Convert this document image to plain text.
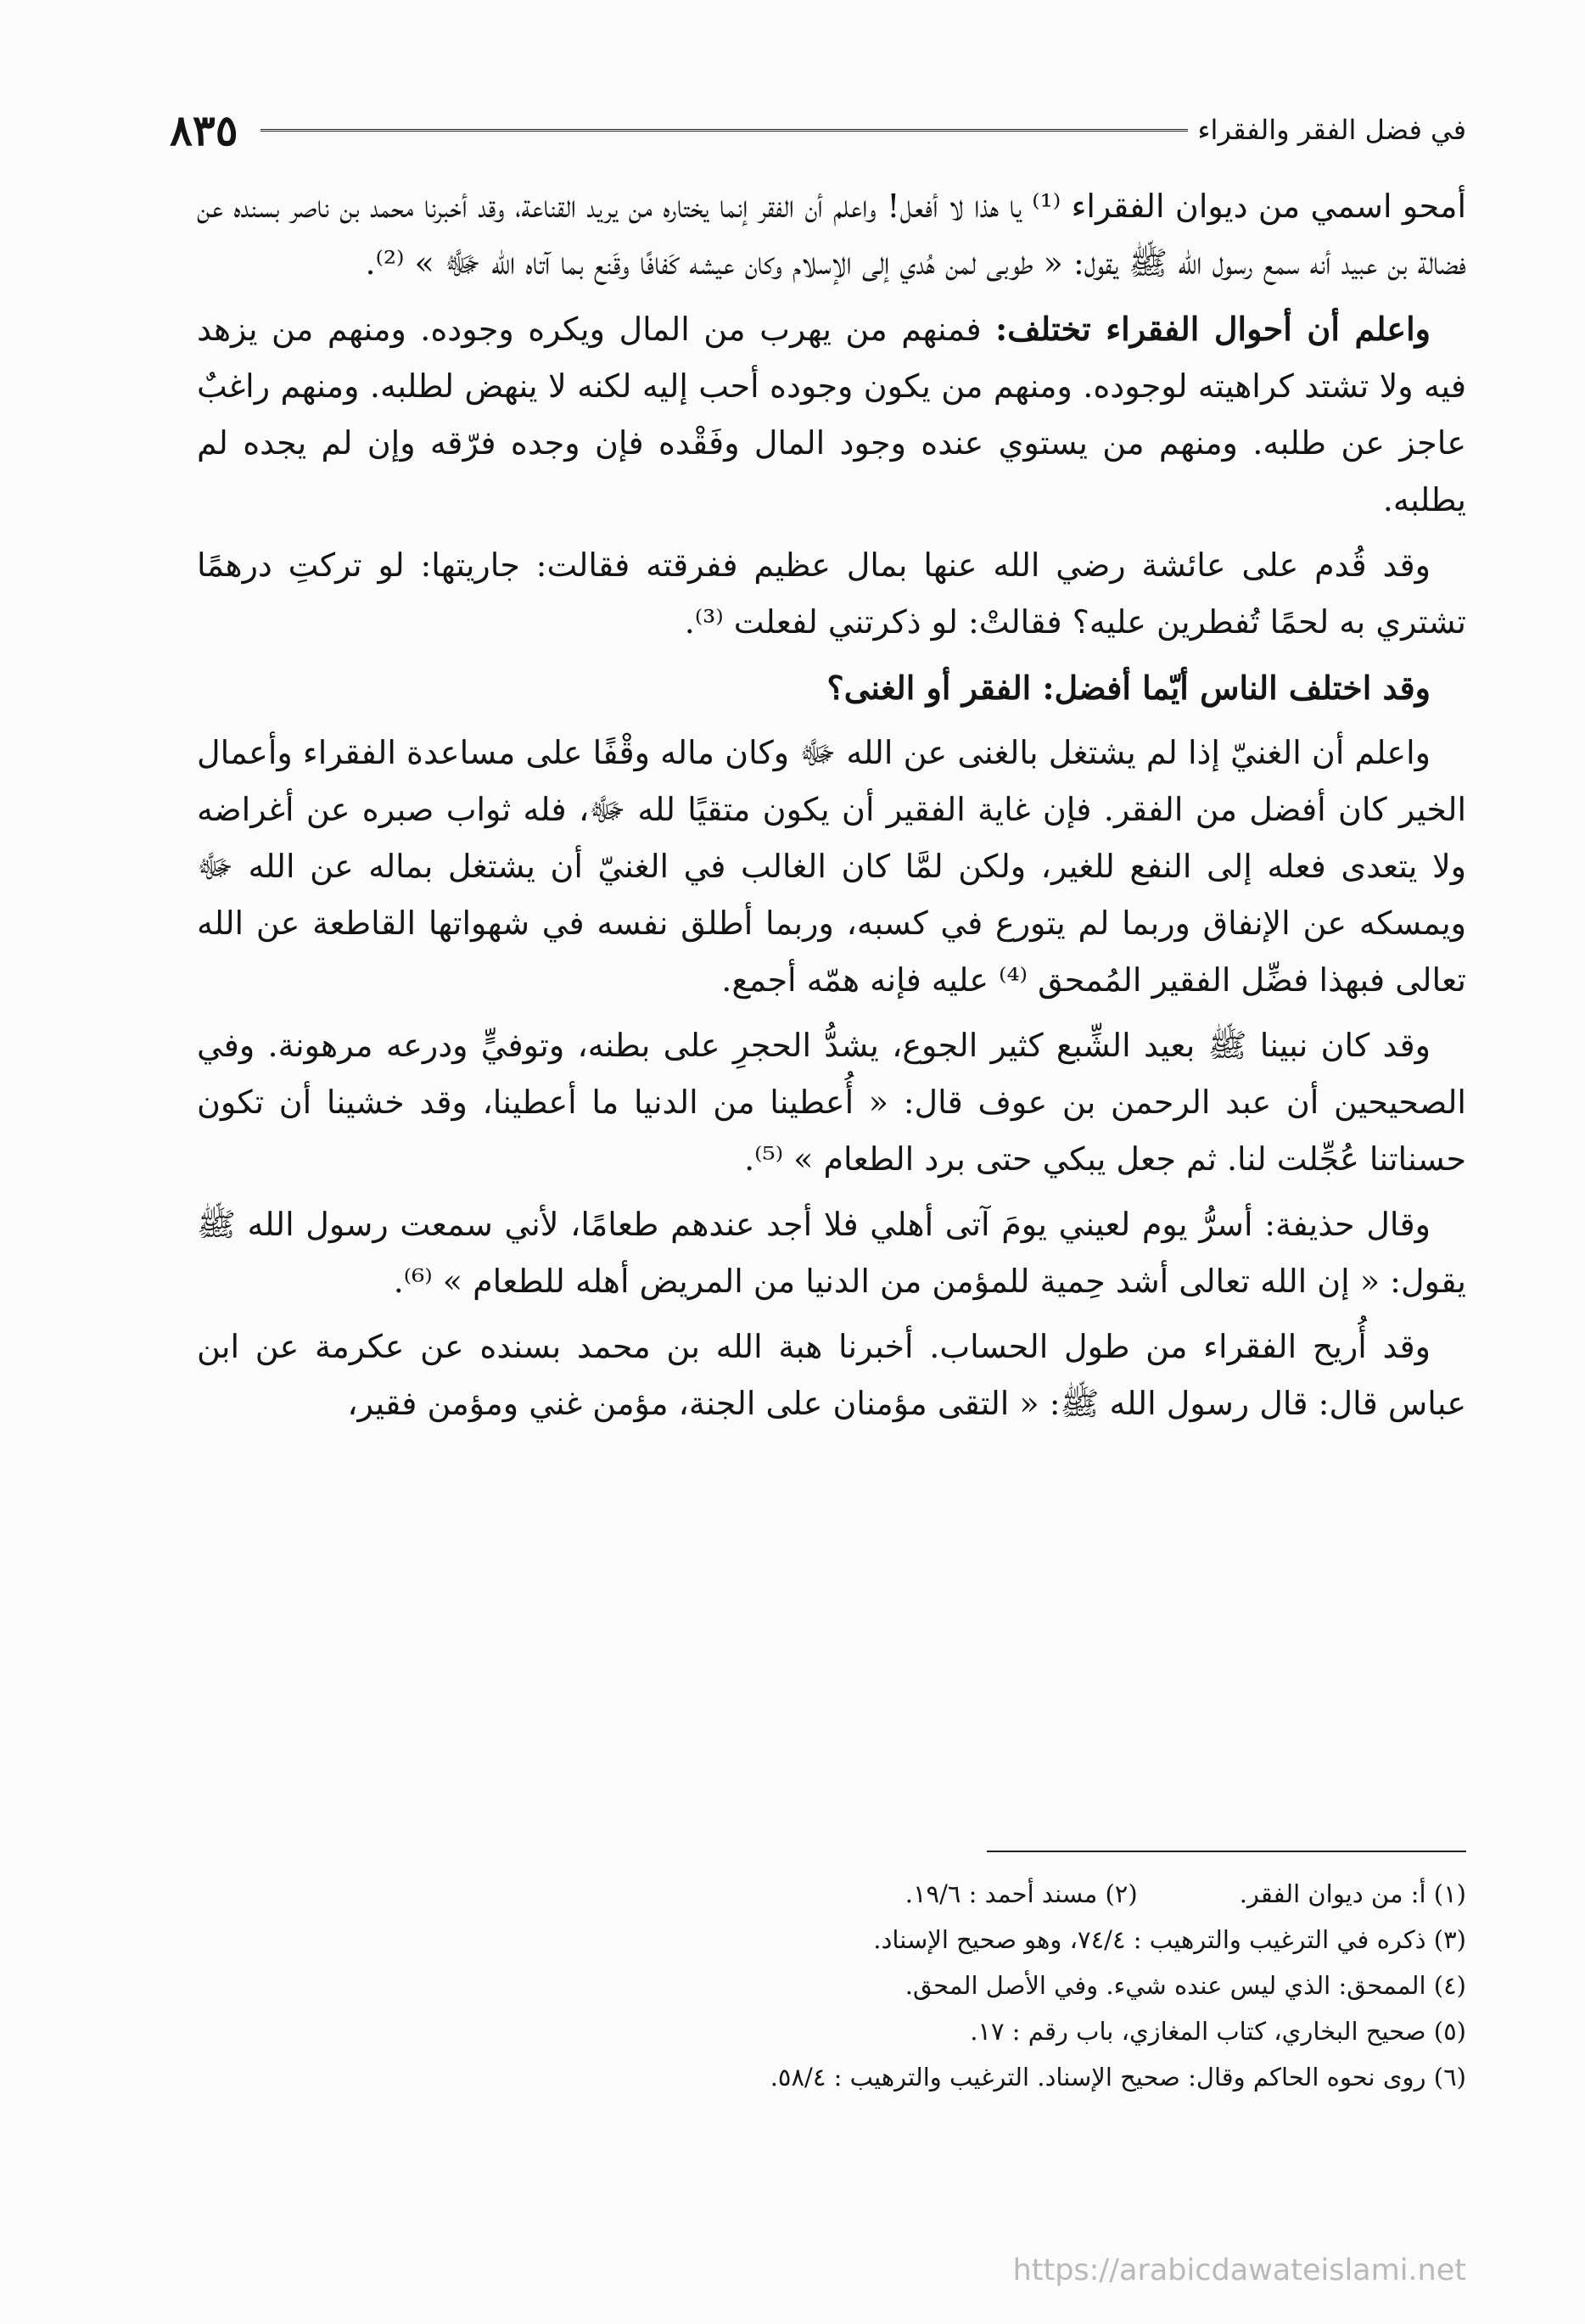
٨٣٥	في فضل الفقر والفقراء

أمحو اسمي من ديوان الفقراء ⁽¹⁾ يا هذا لا أفعل! واعلم أن الفقر إنما يختاره من يريد القناعة، وقد أخبرنا محمد بن ناصر بسنده عن فضالة بن عبيد أنه سمع رسول الله ﷺ يقول: « طوبى لمن هُدي إلى الإسلام وكان عيشه كَفافًا وقَنع بما آتاه الله ﷻ » ⁽²⁾.

واعلم أن أحوال الفقراء تختلف: فمنهم من يهرب من المال ويكره وجوده. ومنهم من يزهد فيه ولا تشتد كراهيته لوجوده. ومنهم من يكون وجوده أحب إليه لكنه لا ينهض لطلبه. ومنهم راغبٌ عاجز عن طلبه. ومنهم من يستوي عنده وجود المال وفَقْده فإن وجده فرّقه وإن لم يجده لم يطلبه.

وقد قُدم على عائشة رضي الله عنها بمال عظيم ففرقته فقالت: جاريتها: لو تركتِ درهمًا تشتري به لحمًا تُفطرين عليه؟ فقالتْ: لو ذكرتني لفعلت ⁽³⁾.

وقد اختلف الناس أيّما أفضل: الفقر أو الغنى؟

واعلم أن الغنيّ إذا لم يشتغل بالغنى عن الله ﷻ وكان ماله وقْفًا على مساعدة الفقراء وأعمال الخير كان أفضل من الفقر. فإن غاية الفقير أن يكون متقيًا لله ﷻ، فله ثواب صبره عن أغراضه ولا يتعدى فعله إلى النفع للغير، ولكن لمَّا كان الغالب في الغنيّ أن يشتغل بماله عن الله ﷻ ويمسكه عن الإنفاق وربما لم يتورع في كسبه، وربما أطلق نفسه في شهواتها القاطعة عن الله تعالى فبهذا فضِّل الفقير المُمحق ⁽⁴⁾ عليه فإنه همّه أجمع.

وقد كان نبينا ﷺ بعيد الشِّبع كثير الجوع، يشدُّ الحجرِ على بطنه، وتوفيٍّ ودرعه مرهونة. وفي الصحيحين أن عبد الرحمن بن عوف قال: « أُعطينا من الدنيا ما أعطينا، وقد خشينا أن تكون حسناتنا عُجِّلت لنا. ثم جعل يبكي حتى برد الطعام » ⁽⁵⁾.

وقال حذيفة: أسرُّ يوم لعيني يومَ آتى أهلي فلا أجد عندهم طعامًا، لأني سمعت رسول الله ﷺ يقول: « إن الله تعالى أشد حِمية للمؤمن من الدنيا من المريض أهله للطعام » ⁽⁶⁾.

وقد أُريح الفقراء من طول الحساب. أخبرنا هبة الله بن محمد بسنده عن عكرمة عن ابن عباس قال: قال رسول الله ﷺ: « التقى مؤمنان على الجنة، مؤمن غني ومؤمن فقير،

(١) أ: من ديوان الفقر.
(٢) مسند أحمد : ١٩/٦.
(٣) ذكره في الترغيب والترهيب : ٧٤/٤، وهو صحيح الإسناد.
(٤) الممحق: الذي ليس عنده شيء. وفي الأصل المحق.
(٥) صحيح البخاري، كتاب المغازي، باب رقم : ١٧.
(٦) روى نحوه الحاكم وقال: صحيح الإسناد. الترغيب والترهيب : ٥٨/٤.
https://arabicdawateislami.net
